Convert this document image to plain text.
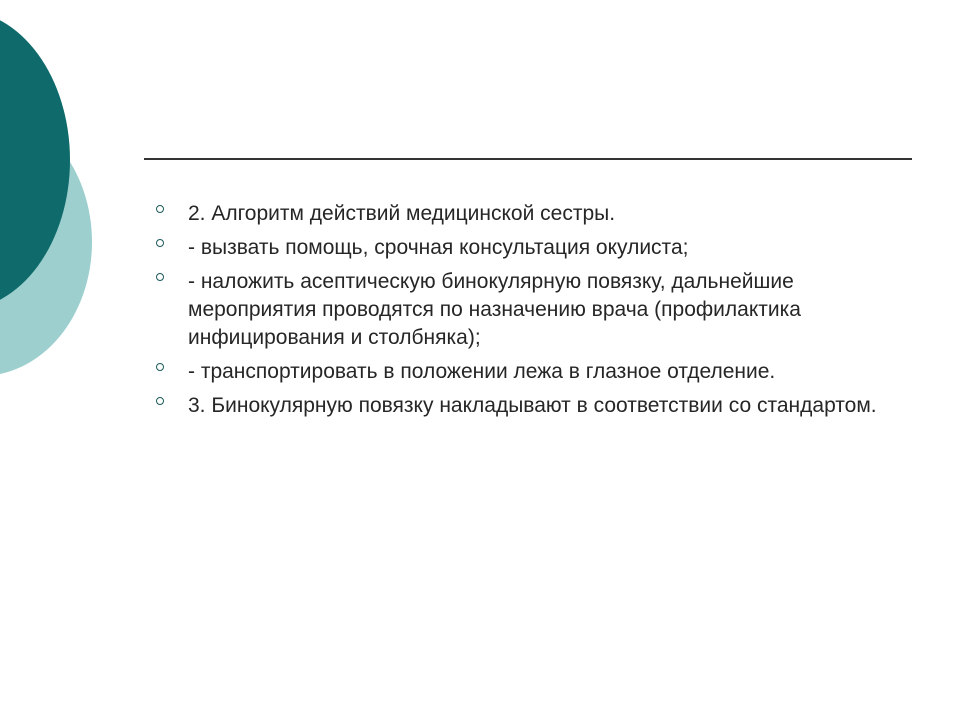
2. Алгоритм действий медицинской сестры.
- вызвать помощь, срочная консультация окулиста;
- наложить асептическую бинокулярную повязку, дальнейшие мероприятия проводятся по назначению врача (профилактика инфицирования и столбняка);
- транспортировать в положении лежа в глазное отделение.
3. Бинокулярную повязку накладывают в соответствии со стандартом.
